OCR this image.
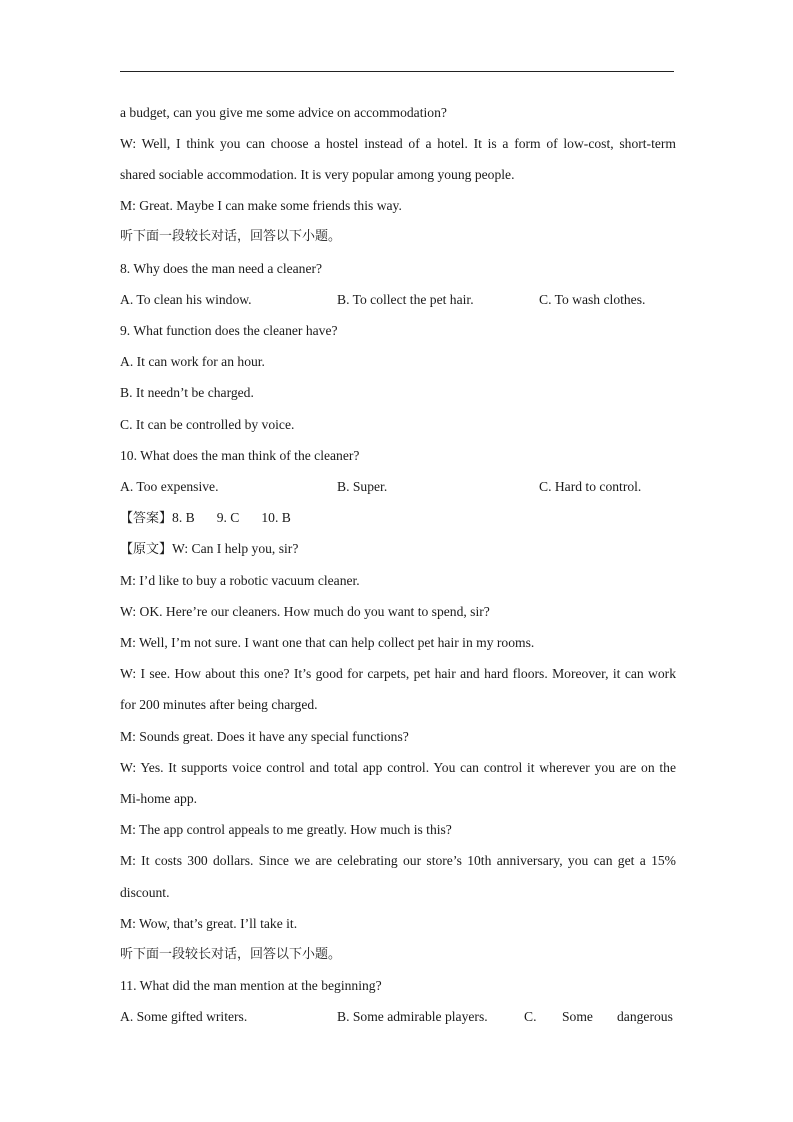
a budget, can you give me some advice on accommodation?
W: Well, I think you can choose a hostel instead of a hotel. It is a form of low-cost, short-term
shared sociable accommodation. It is very popular among young people.
M: Great. Maybe I can make some friends this way.
听下面一段较长对话，回答以下小题。
8. Why does the man need a cleaner?
A. To clean his window.	B. To collect the pet hair.	C. To wash clothes.
9. What function does the cleaner have?
A. It can work for an hour.
B. It needn’t be charged.
C. It can be controlled by voice.
10. What does the man think of the cleaner?
A. Too expensive.	B. Super.	C. Hard to control.
【答案】8. B 9. C 10. B
【原文】W: Can I help you, sir?
M: I’d like to buy a robotic vacuum cleaner.
W: OK. Here’re our cleaners. How much do you want to spend, sir?
M: Well, I’m not sure. I want one that can help collect pet hair in my rooms.
W: I see. How about this one? It’s good for carpets, pet hair and hard floors. Moreover, it can work
for 200 minutes after being charged.
M: Sounds great. Does it have any special functions?
W: Yes. It supports voice control and total app control. You can control it wherever you are on the
Mi-home app.
M: The app control appeals to me greatly. How much is this?
M: It costs 300 dollars. Since we are celebrating our store’s 10th anniversary, you can get a 15%
discount.
M: Wow, that’s great. I’ll take it.
听下面一段较长对话，回答以下小题。
11. What did the man mention at the beginning?
A. Some gifted writers.	B. Some admirable players.	C. Some dangerous
